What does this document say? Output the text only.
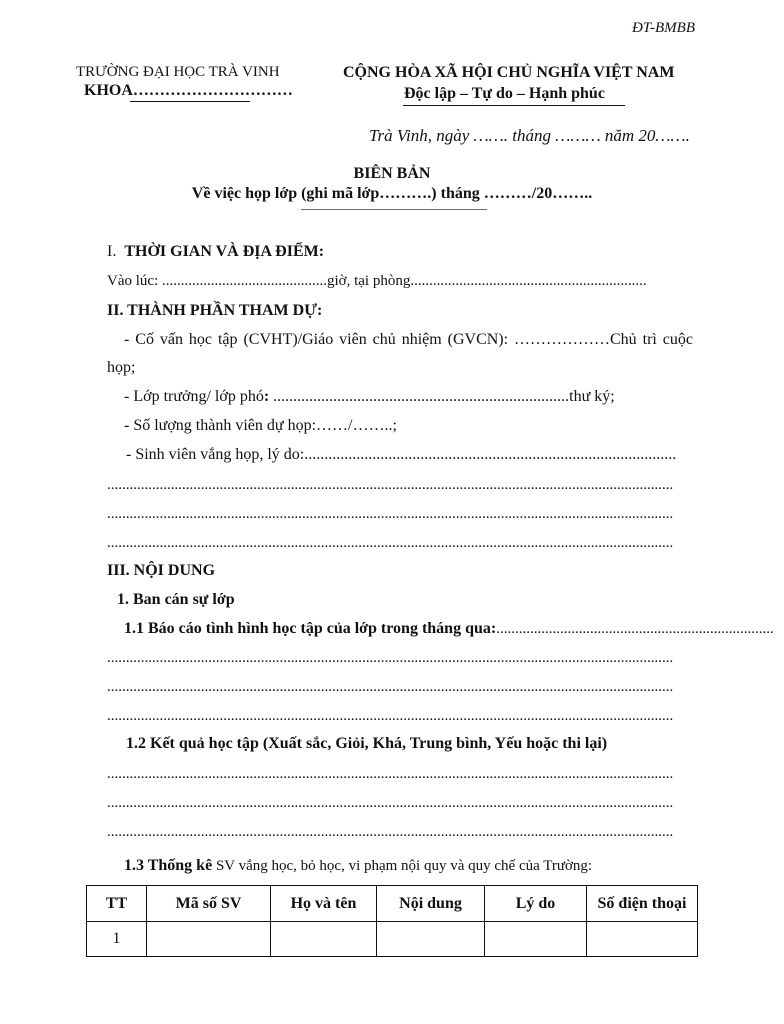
ĐT-BMBB
TRƯỜNG ĐẠI HỌC TRÀ VINH
KHOA…………………………
CỘNG HÒA XÃ HỘI CHỦ NGHĨA VIỆT NAM
Độc lập – Tự do – Hạnh phúc
Trà Vinh, ngày ……. tháng ……… năm 20…….
BIÊN BẢN
Về việc họp lớp (ghi mã lớp……….) tháng ………/20……..
I. THỜI GIAN VÀ ĐỊA ĐIỂM:
Vào lúc: ............................................giờ, tại phòng...............................................................
II. THÀNH PHẦN THAM DỰ:
- Cố vấn học tập (CVHT)/Giáo viên chủ nhiệm (GVCN): ………………Chủ trì cuộc
họp;
- Lớp trưởng/ lớp phó: ..........................................................................thư ký;
- Số lượng thành viên dự họp:……/……..;
- Sinh viên vắng họp, lý do:.............................................................................................
.......................................................................................................................................................
.......................................................................................................................................................
.......................................................................................................................................................
III. NỘI DUNG
1. Ban cán sự lớp
1.1 Báo cáo tình hình học tập của lớp trong tháng qua:..........................................................................
.......................................................................................................................................................
.......................................................................................................................................................
.......................................................................................................................................................
1.2 Kết quả học tập (Xuất sắc, Giỏi, Khá, Trung bình, Yếu hoặc thi lại)
.......................................................................................................................................................
.......................................................................................................................................................
.......................................................................................................................................................
1.3 Thống kê SV vắng học, bỏ học, vi phạm nội quy và quy chế của Trường:
TT	Mã số SV	Họ và tên	Nội dung	Lý do	Số điện thoại
1					
